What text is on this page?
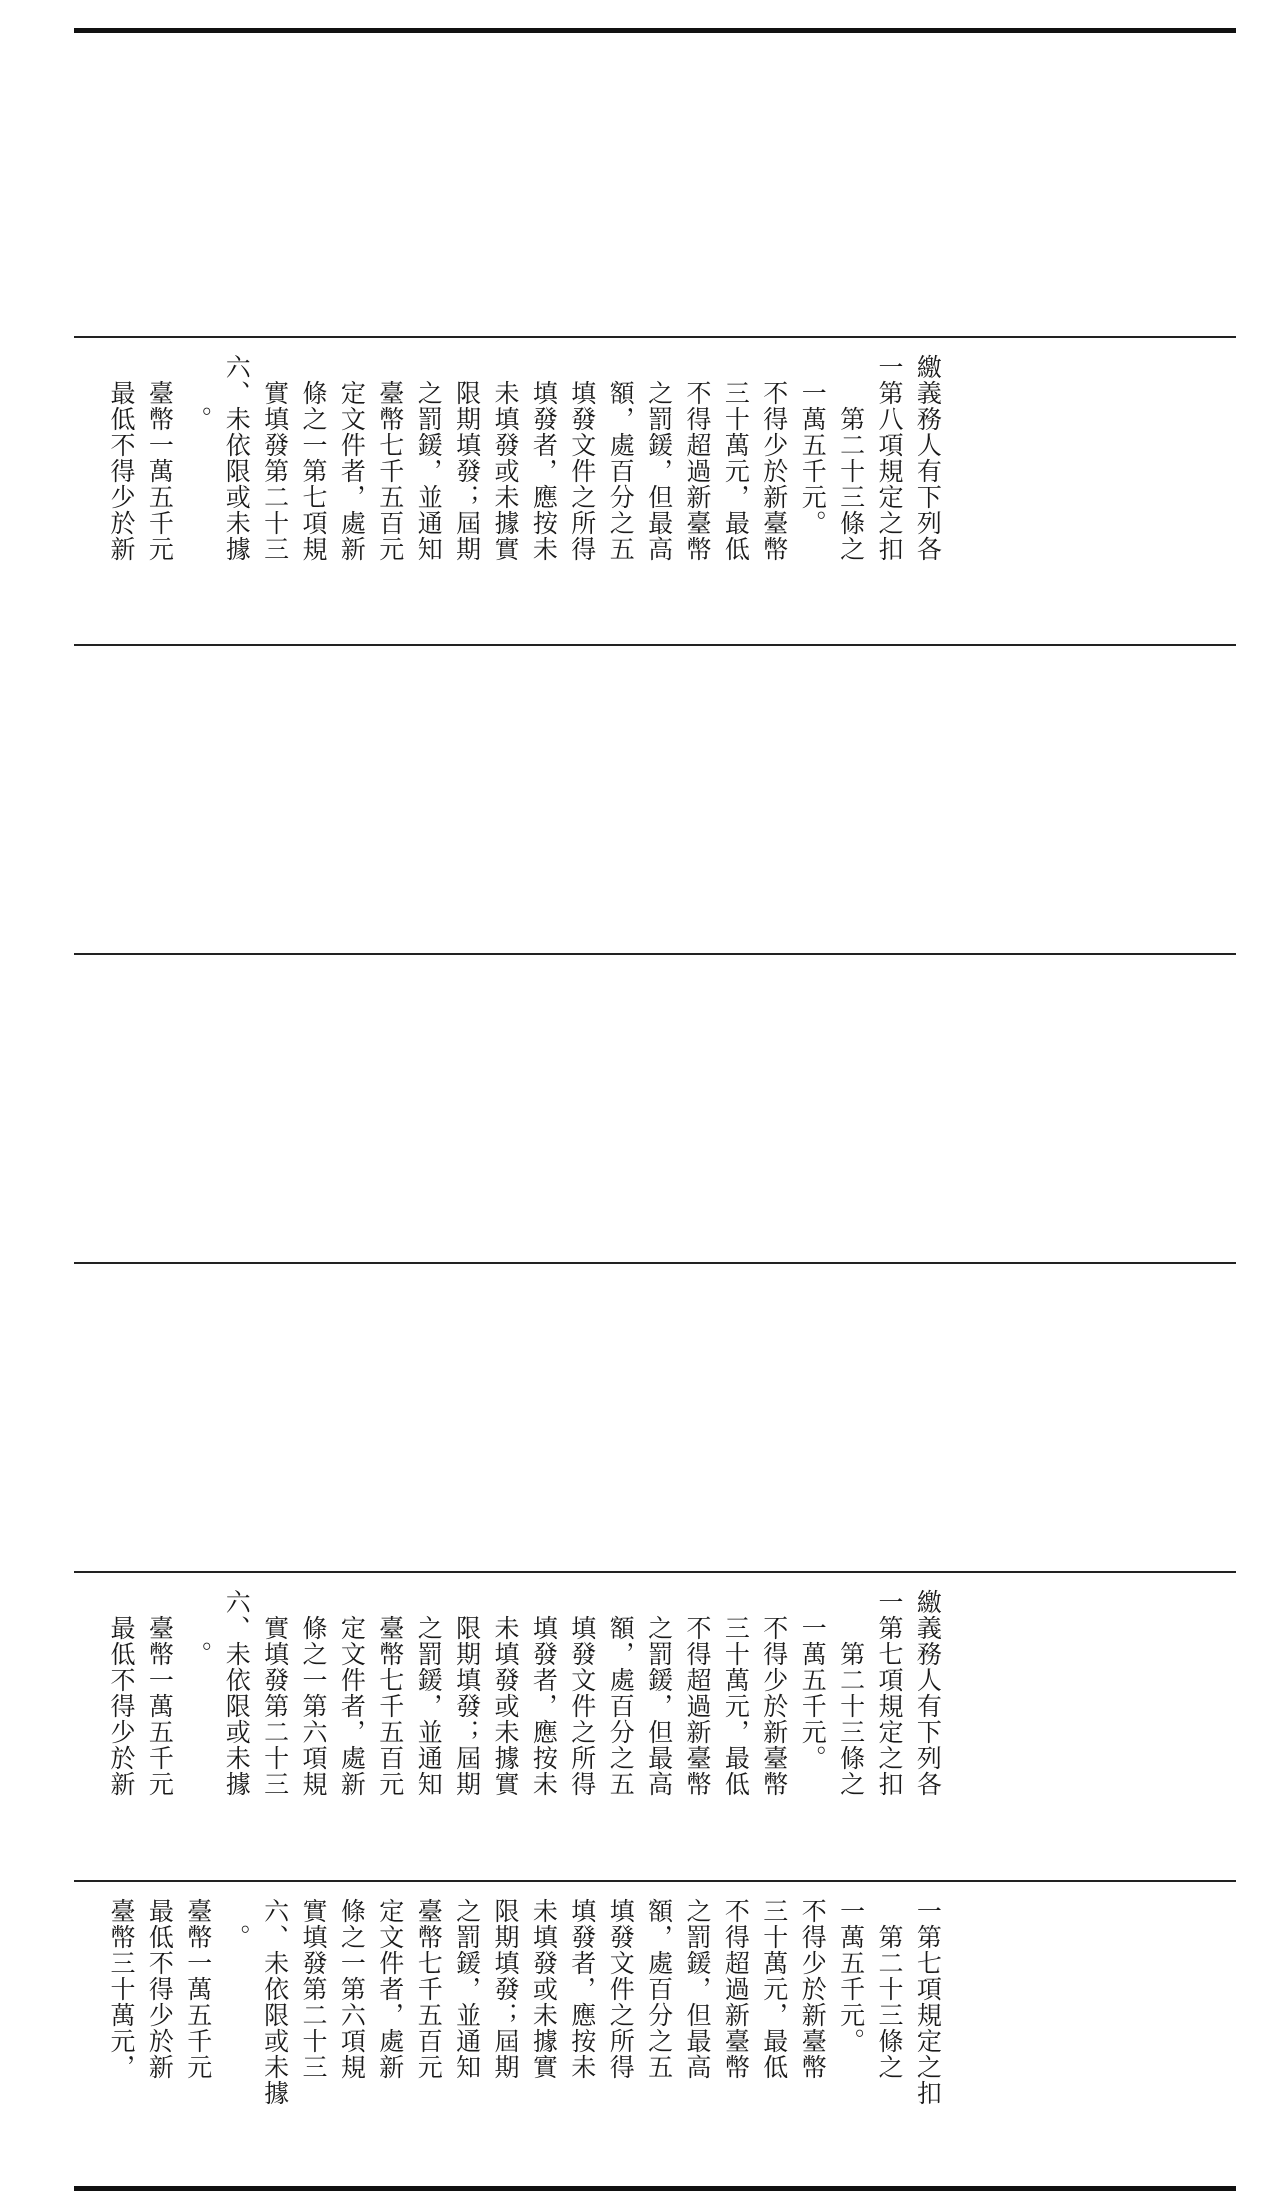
最低不得少於新 臺幣一萬五千元 。 六、未依限或未據 實填發第二十三 條之一第七項規 定文件者，處新 臺幣七千五百元 之罰鍰，並通知 限期填發；屆期 未填發或未據實 填發者，應按未 填發文件之所得 額，處百分之五 之罰鍰，但最高 不得超過新臺幣 三十萬元，最低 不得少於新臺幣 一萬五千元。 第二十三條之 一第八項規定之扣 繳義務人有下列各
最低不得少於新 臺幣一萬五千元 。 六、未依限或未據 實填發第二十三 條之一第六項規 定文件者，處新 臺幣七千五百元 之罰鍰，並通知 限期填發；屆期 未填發或未據實 填發者，應按未 填發文件之所得 額，處百分之五 之罰鍰，但最高 不得超過新臺幣 三十萬元，最低 不得少於新臺幣 一萬五千元。 第二十三條之 一第七項規定之扣 繳義務人有下列各
臺幣三十萬元， 最低不得少於新 臺幣一萬五千元 。 六、未依限或未據 實填發第二十三 條之一第六項規 定文件者，處新 臺幣七千五百元 之罰鍰，並通知 限期填發；屆期 未填發或未據實 填發者，應按未 填發文件之所得 額，處百分之五 之罰鍰，但最高 不得超過新臺幣 三十萬元，最低 不得少於新臺幣 一萬五千元。 第二十三條之 一第七項規定之扣
